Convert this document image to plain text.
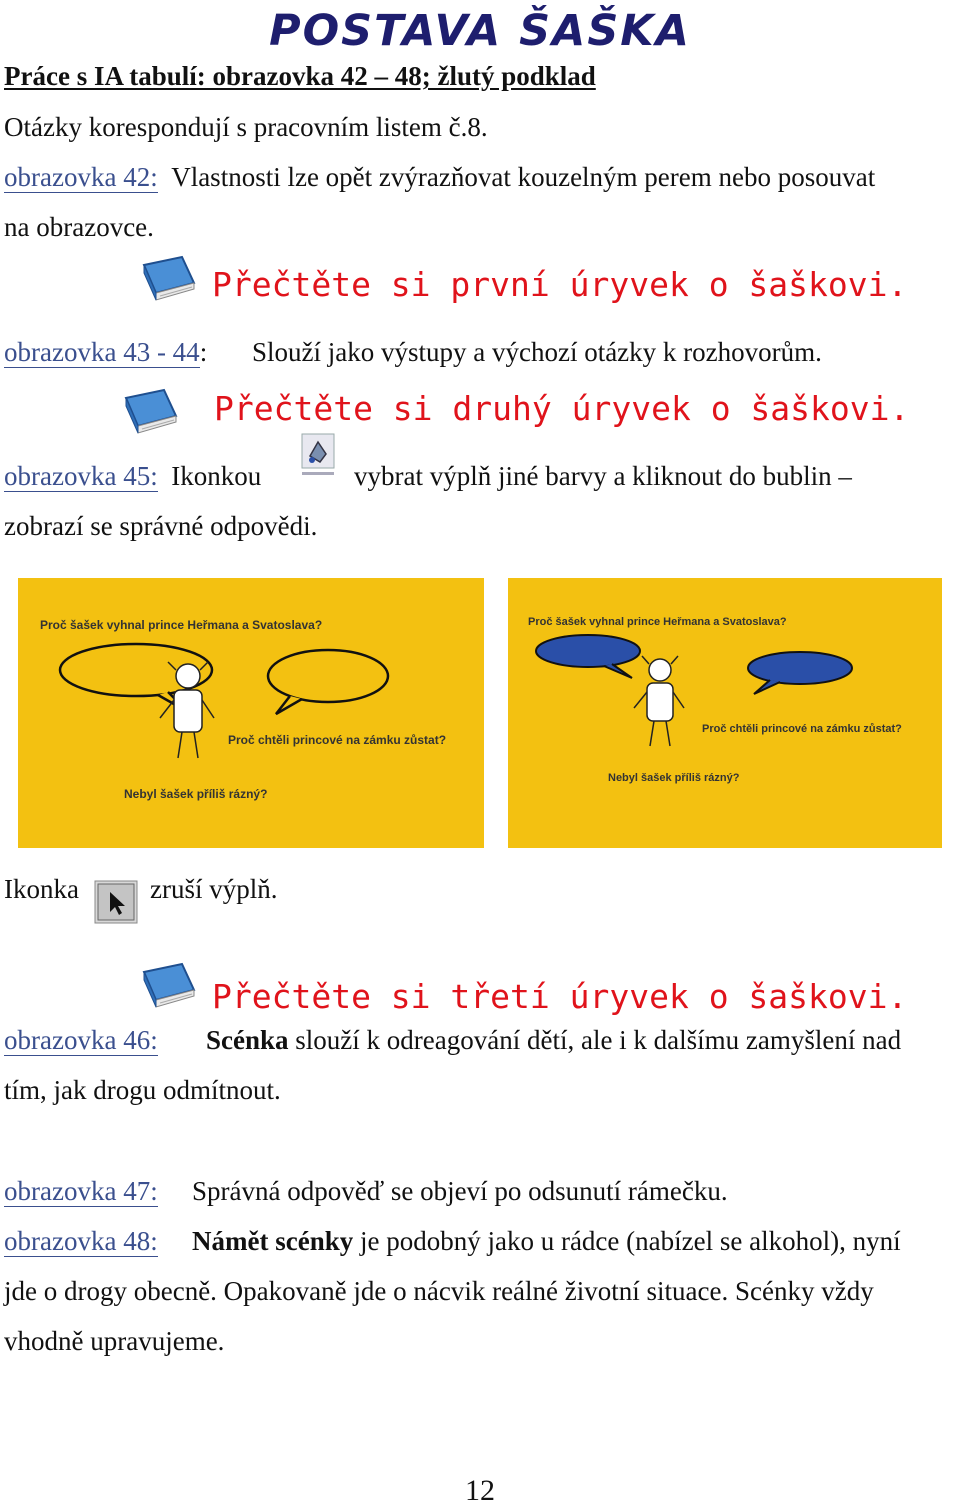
POSTAVA ŠAŠKA
Práce s IA tabulí: obrazovka 42 – 48; žlutý podklad
Otázky korespondují s pracovním listem č.8.
obrazovka 42: Vlastnosti lze opět zvýrazňovat kouzelným perem nebo posouvat
na obrazovce.
Přečtěte si první úryvek o šaškovi.
obrazovka 43 - 44: Slouží jako výstupy a výchozí otázky k rozhovorům.
Přečtěte si druhý úryvek o šaškovi.
obrazovka 45: Ikonkou	vybrat výplň jiné barvy a kliknout do bublin –
zobrazí se správné odpovědi.
Proč šašek vyhnal prince Heřmana a Svatoslava?
Proč chtěli princové na zámku zůstat?
Nebyl šašek příliš rázný?
Proč šašek vyhnal prince Heřmana a Svatoslava?
Proč chtěli princové na zámku zůstat?
Nebyl šašek příliš rázný?
Ikonka	zruší výplň.
Přečtěte si třetí úryvek o šaškovi.
obrazovka 46: Scénka slouží k odreagování dětí, ale i k dalšímu zamyšlení nad
tím, jak drogu odmítnout.
obrazovka 47: Správná odpověď se objeví po odsunutí rámečku.
obrazovka 48: Námět scénky je podobný jako u rádce (nabízel se alkohol), nyní
jde o drogy obecně. Opakovaně jde o nácvik reálné životní situace. Scénky vždy
vhodně upravujeme.
12
